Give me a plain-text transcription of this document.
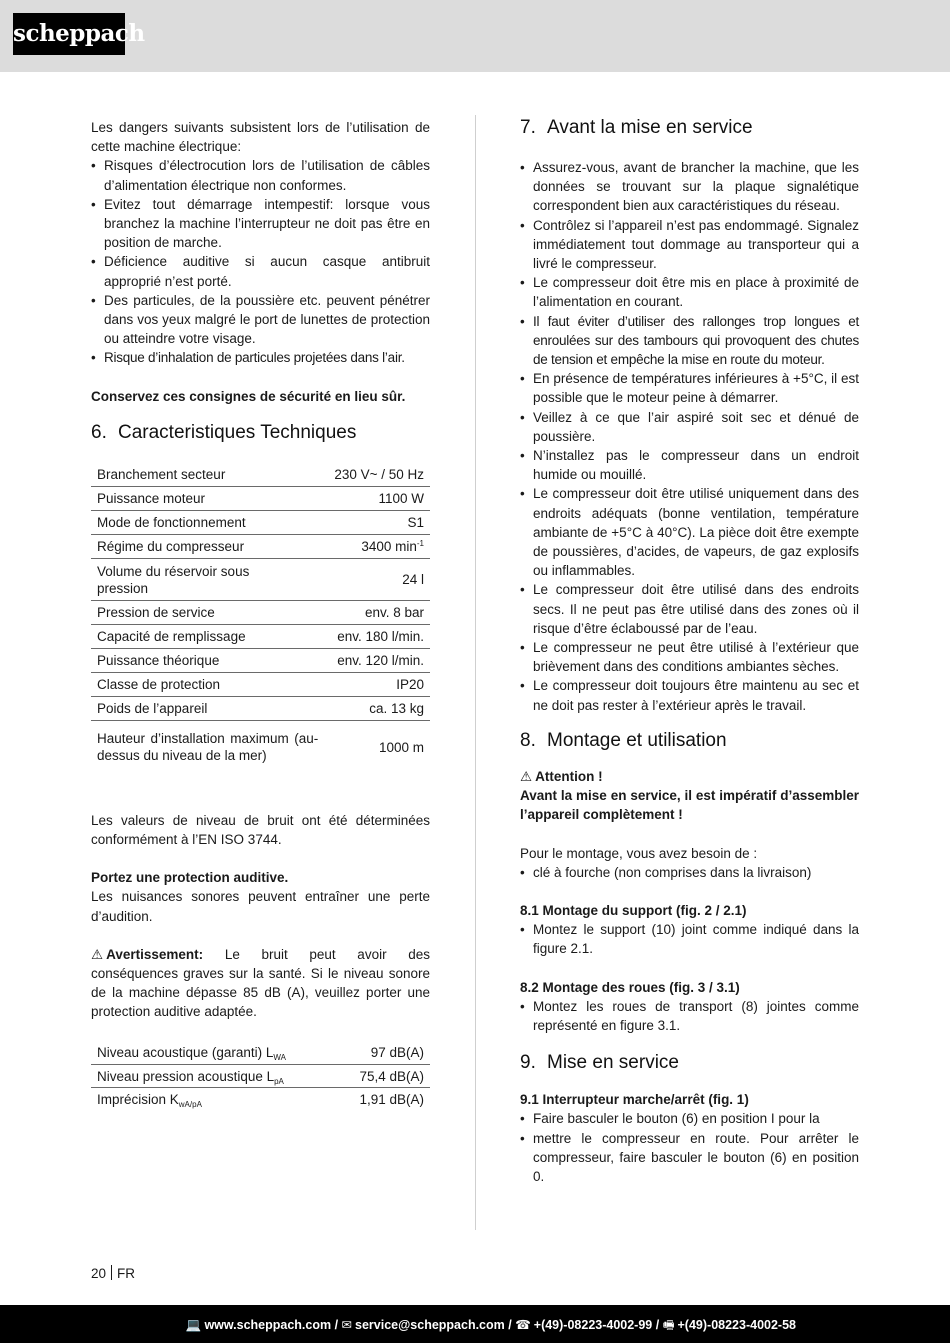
scheppach

Les dangers suivants subsistent lors de l’utilisation de cette machine électrique:

• Risques d’électrocution lors de l’utilisation de câbles d’alimentation électrique non conformes.
• Evitez tout démarrage intempestif: lorsque vous branchez la machine l’interrupteur ne doit pas être en position de marche.
• Déficience auditive si aucun casque antibruit approprié n’est porté.
• Des particules, de la poussière etc. peuvent pénétrer dans vos yeux malgré le port de lunettes de protection ou atteindre votre visage.
• Risque d’inhalation de particules projetées dans l’air.

Conservez ces consignes de sécurité en lieu sûr.

6. Caracteristiques Techniques
Branchement secteur	230 V~ / 50 Hz
Puissance moteur	1100 W
Mode de fonctionnement	S1
Régime du compresseur	3400 $\min^{-1}$
Volume du réservoir sous pression	24 l
Pression de service	env. 8 bar
Capacité de remplissage	env. 180 l/min.
Puissance théorique	env. 120 l/min.
Classe de protection	IP20
Poids de l’appareil	ca. 13 kg
Hauteur d’installation maximum (au-dessus du niveau de la mer)	1000 m

Les valeurs de niveau de bruit ont été déterminées conformément à l’EN ISO 3744.

Portez une protection auditive.

Les nuisances sonores peuvent entraîner une perte d’audition.

⚠ Avertissement: Le bruit peut avoir des conséquences graves sur la santé. Si le niveau sonore de la machine dépasse 85 dB (A), veuillez porter une protection auditive adaptée.

Niveau acoustique (garanti) $L_{WA}$	97 dB(A)
Niveau pression acoustique $L_{pA}$	75,4 dB(A)
Imprécision $K_{wA/pA}$	1,91 dB(A)
7. Avant la mise en service
• Assurez-vous, avant de brancher la machine, que les données se trouvant sur la plaque signalétique correspondent bien aux caractéristiques du réseau.
• Contrôlez si l’appareil n’est pas endommagé. Signalez immédiatement tout dommage au transporteur qui a livré le compresseur.
• Le compresseur doit être mis en place à proximité de l’alimentation en courant.
• Il faut éviter d’utiliser des rallonges trop longues et enroulées sur des tambours qui provoquent des chutes de tension et empêche la mise en route du moteur.
• En présence de températures inférieures à +5°C, il est possible que le moteur peine à démarrer.
• Veillez à ce que l’air aspiré soit sec et dénué de poussière.
• N’installez pas le compresseur dans un endroit humide ou mouillé.
• Le compresseur doit être utilisé uniquement dans des endroits adéquats (bonne ventilation, température ambiante de +5°C à 40°C). La pièce doit être exempte de poussières, d’acides, de vapeurs, de gaz explosifs ou inflammables.
• Le compresseur doit être utilisé dans des endroits secs. Il ne peut pas être utilisé dans des zones où il risque d’être éclaboussé par de l’eau.
• Le compresseur ne peut être utilisé à l’extérieur que brièvement dans des conditions ambiantes sèches.
• Le compresseur doit toujours être maintenu au sec et ne doit pas rester à l’extérieur après le travail.
8. Montage et utilisation

⚠ Attention !

Avant la mise en service, il est impératif d’assembler l’appareil complètement !

Pour le montage, vous avez besoin de :

• clé à fourche (non comprises dans la livraison)
8.1 Montage du support (fig. 2 / 2.1)
• Montez le support (10) joint comme indiqué dans la figure 2.1.
8.2 Montage des roues (fig. 3 / 3.1)
• Montez les roues de transport (8) jointes comme représenté en figure 3.1.
9. Mise en service
9.1 Interrupteur marche/arrêt (fig. 1)
• Faire basculer le bouton (6) en position I pour la
• mettre le compresseur en route. Pour arrêter le compresseur, faire basculer le bouton (6) en position 0.
20 FR
💻 www.scheppach.com / ✉ service@scheppach.com / ☎ +(49)-08223-4002-99 / 🖷 +(49)-08223-4002-58
